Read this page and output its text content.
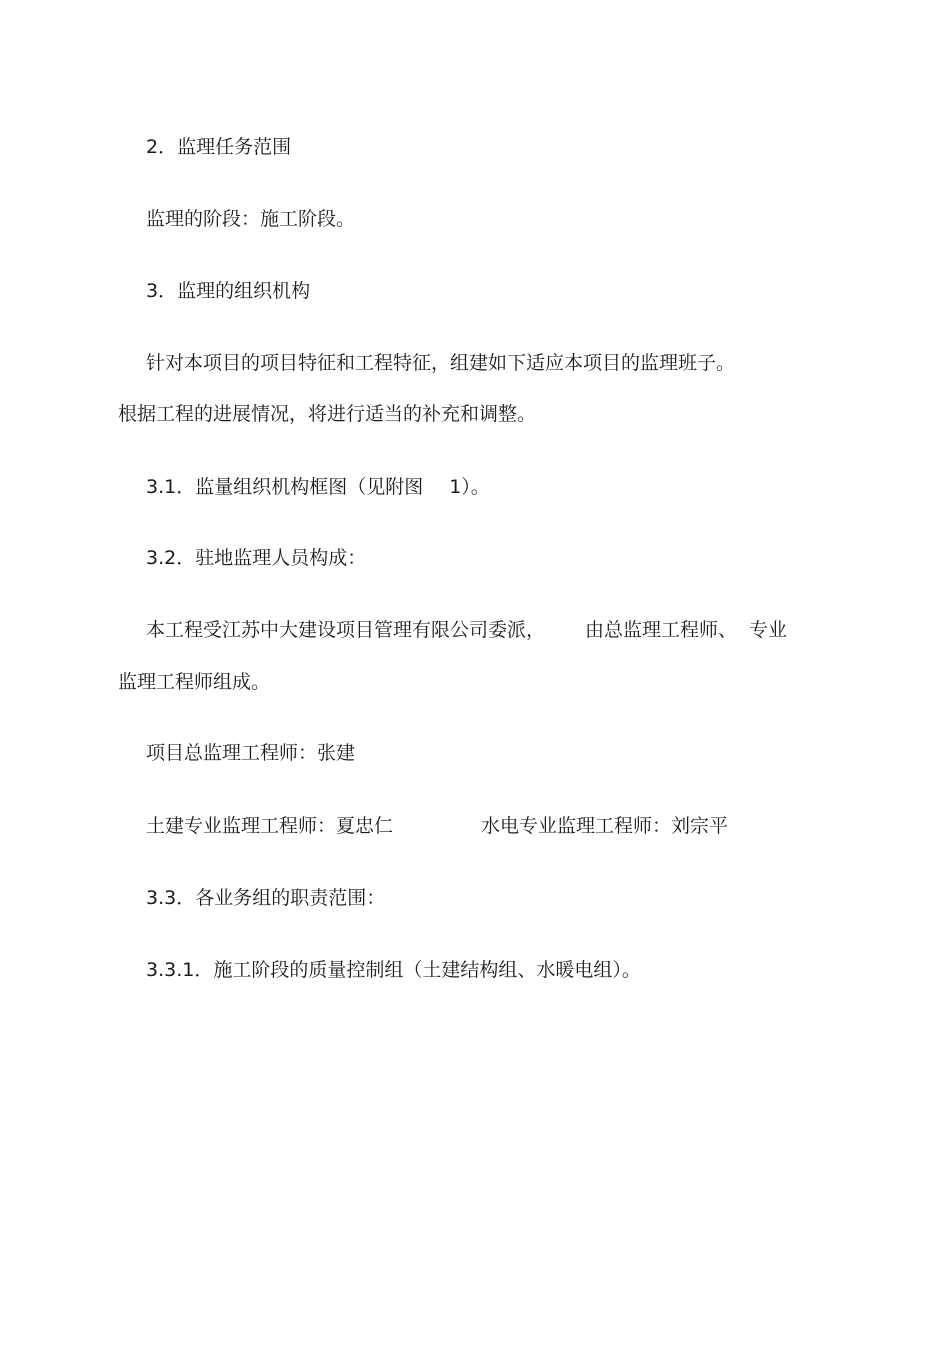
2．监理任务范围
监理的阶段：施工阶段。
3．监理的组织机构
针对本项目的项目特征和工程特征，组建如下适应本项目的监理班子。
根据工程的进展情况，将进行适当的补充和调整。
3.1．监量组织机构框图（见附图 1）。
3.2．驻地监理人员构成：
本工程受江苏中大建设项目管理有限公司委派， 由总监理工程师、 专业
监理工程师组成。
项目总监理工程师：张建
土建专业监理工程师：夏忠仁	水电专业监理工程师：刘宗平
3.3．各业务组的职责范围：
3.3.1．施工阶段的质量控制组（土建结构组、水暖电组）。
